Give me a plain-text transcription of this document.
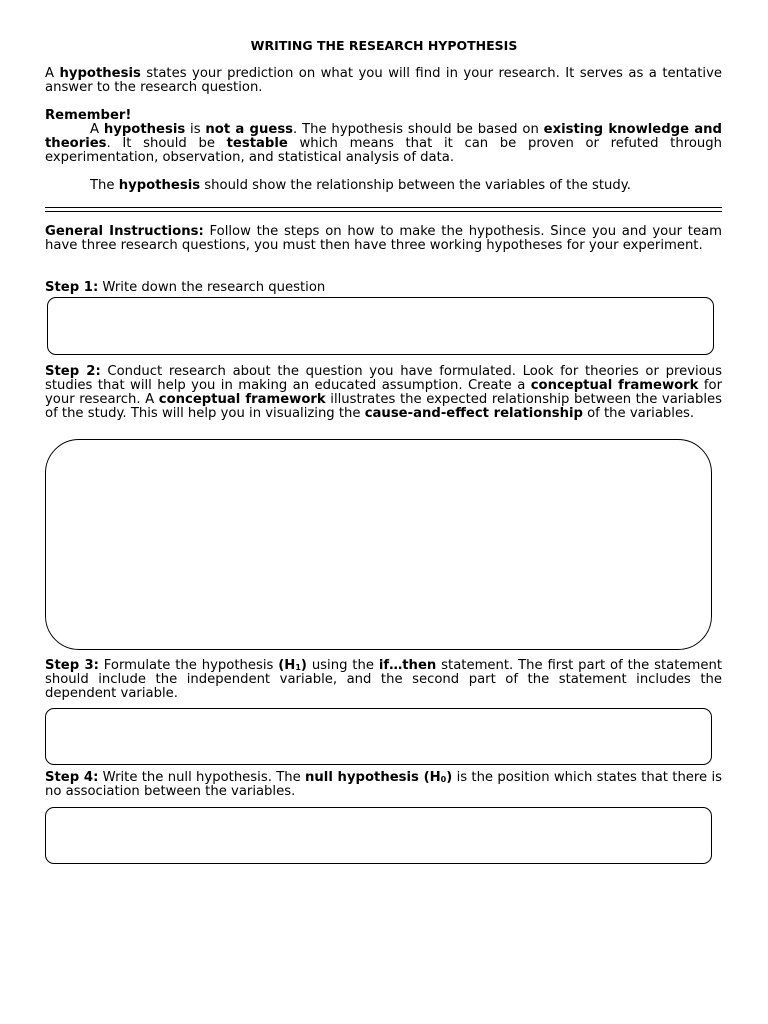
WRITING THE RESEARCH HYPOTHESIS

A hypothesis states your prediction on what you will find in your research. It serves as a tentative answer to the research question.

Remember!

A hypothesis is not a guess. The hypothesis should be based on existing knowledge and theories. It should be testable which means that it can be proven or refuted through experimentation, observation, and statistical analysis of data.

The hypothesis should show the relationship between the variables of the study.

General Instructions: Follow the steps on how to make the hypothesis. Since you and your team have three research questions, you must then have three working hypotheses for your experiment.

Step 1: Write down the research question

Step 2: Conduct research about the question you have formulated. Look for theories or previous studies that will help you in making an educated assumption. Create a conceptual framework for your research. A conceptual framework illustrates the expected relationship between the variables of the study. This will help you in visualizing the cause-and-effect relationship of the variables.

Step 3: Formulate the hypothesis $(H_1)$ using the if…then statement. The first part of the statement should include the independent variable, and the second part of the statement includes the dependent variable.

Step 4: Write the null hypothesis. The null hypothesis $(H_0)$ is the position which states that there is no association between the variables.
